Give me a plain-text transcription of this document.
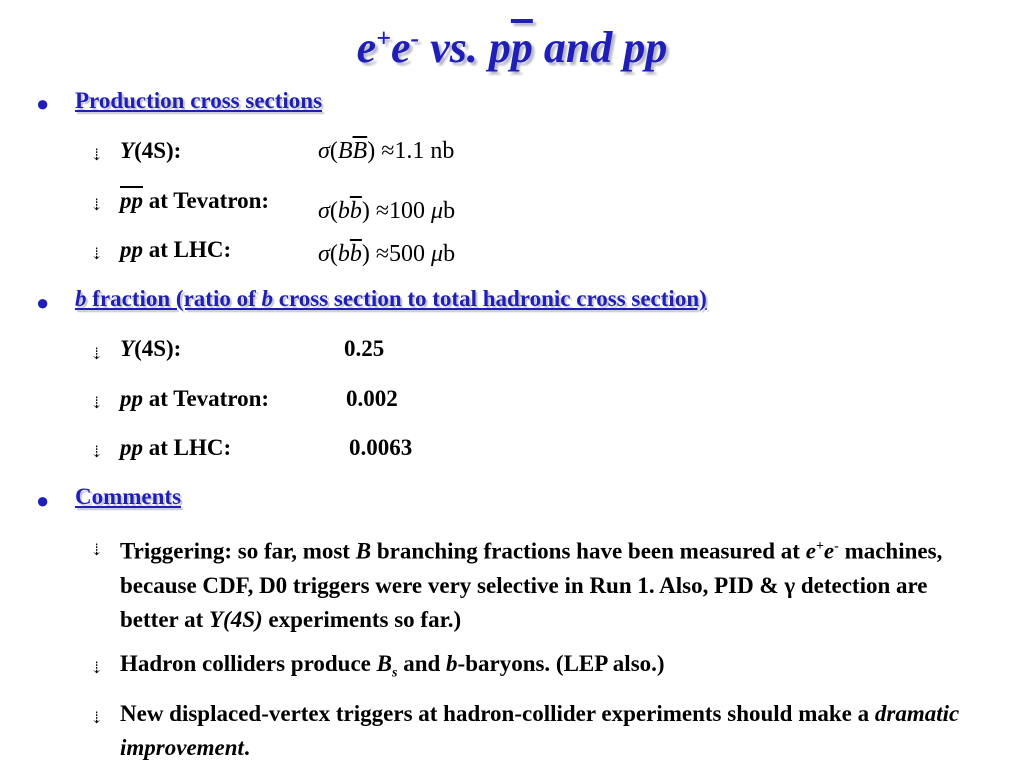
e+e- vs. $p\overline{p}$ and pp
● Production cross sections
⇣ Y(4S):	$\sigma(B\overline{B}) \approx 1.1$ nb
⇣ $\overline{pp}$ at Tevatron: $\sigma(b\overline{b}) \approx 100$ μb
⇣ pp at LHC:	$\sigma(b\overline{b}) \approx 500$ μb
● b fraction (ratio of b cross section to total hadronic cross section)
⇣ Y(4S):	0.25
⇣ pp at Tevatron:	0.002
⇣ pp at LHC:	0.0063
● Comments
⇣ Triggering: so far, most B branching fractions have been measured at e+e- machines, because CDF, D0 triggers were very selective in Run 1. Also, PID & γ detection are better at Y(4S) experiments so far.)
⇣ Hadron colliders produce $B_s$ and b-baryons. (LEP also.)
⇣ New displaced-vertex triggers at hadron-collider experiments should make a dramatic improvement.
